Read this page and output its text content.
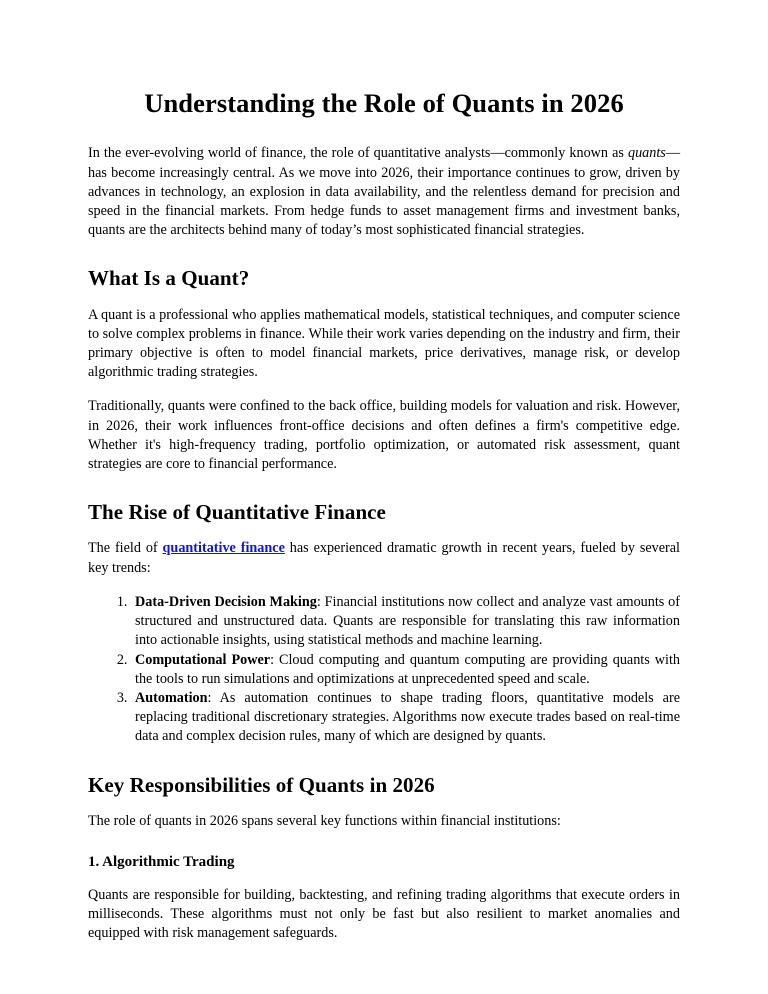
Understanding the Role of Quants in 2026

In the ever-evolving world of finance, the role of quantitative analysts—commonly known as quants—has become increasingly central. As we move into 2026, their importance continues to grow, driven by advances in technology, an explosion in data availability, and the relentless demand for precision and speed in the financial markets. From hedge funds to asset management firms and investment banks, quants are the architects behind many of today’s most sophisticated financial strategies.

What Is a Quant?

A quant is a professional who applies mathematical models, statistical techniques, and computer science to solve complex problems in finance. While their work varies depending on the industry and firm, their primary objective is often to model financial markets, price derivatives, manage risk, or develop algorithmic trading strategies.

Traditionally, quants were confined to the back office, building models for valuation and risk. However, in 2026, their work influences front-office decisions and often defines a firm's competitive edge. Whether it's high-frequency trading, portfolio optimization, or automated risk assessment, quant strategies are core to financial performance.

The Rise of Quantitative Finance

The field of quantitative finance has experienced dramatic growth in recent years, fueled by several key trends:

1. Data-Driven Decision Making: Financial institutions now collect and analyze vast amounts of structured and unstructured data. Quants are responsible for translating this raw information into actionable insights, using statistical methods and machine learning.
2. Computational Power: Cloud computing and quantum computing are providing quants with the tools to run simulations and optimizations at unprecedented speed and scale.
3. Automation: As automation continues to shape trading floors, quantitative models are replacing traditional discretionary strategies. Algorithms now execute trades based on real-time data and complex decision rules, many of which are designed by quants.
Key Responsibilities of Quants in 2026

The role of quants in 2026 spans several key functions within financial institutions:

1. Algorithmic Trading

Quants are responsible for building, backtesting, and refining trading algorithms that execute orders in milliseconds. These algorithms must not only be fast but also resilient to market anomalies and equipped with risk management safeguards.
